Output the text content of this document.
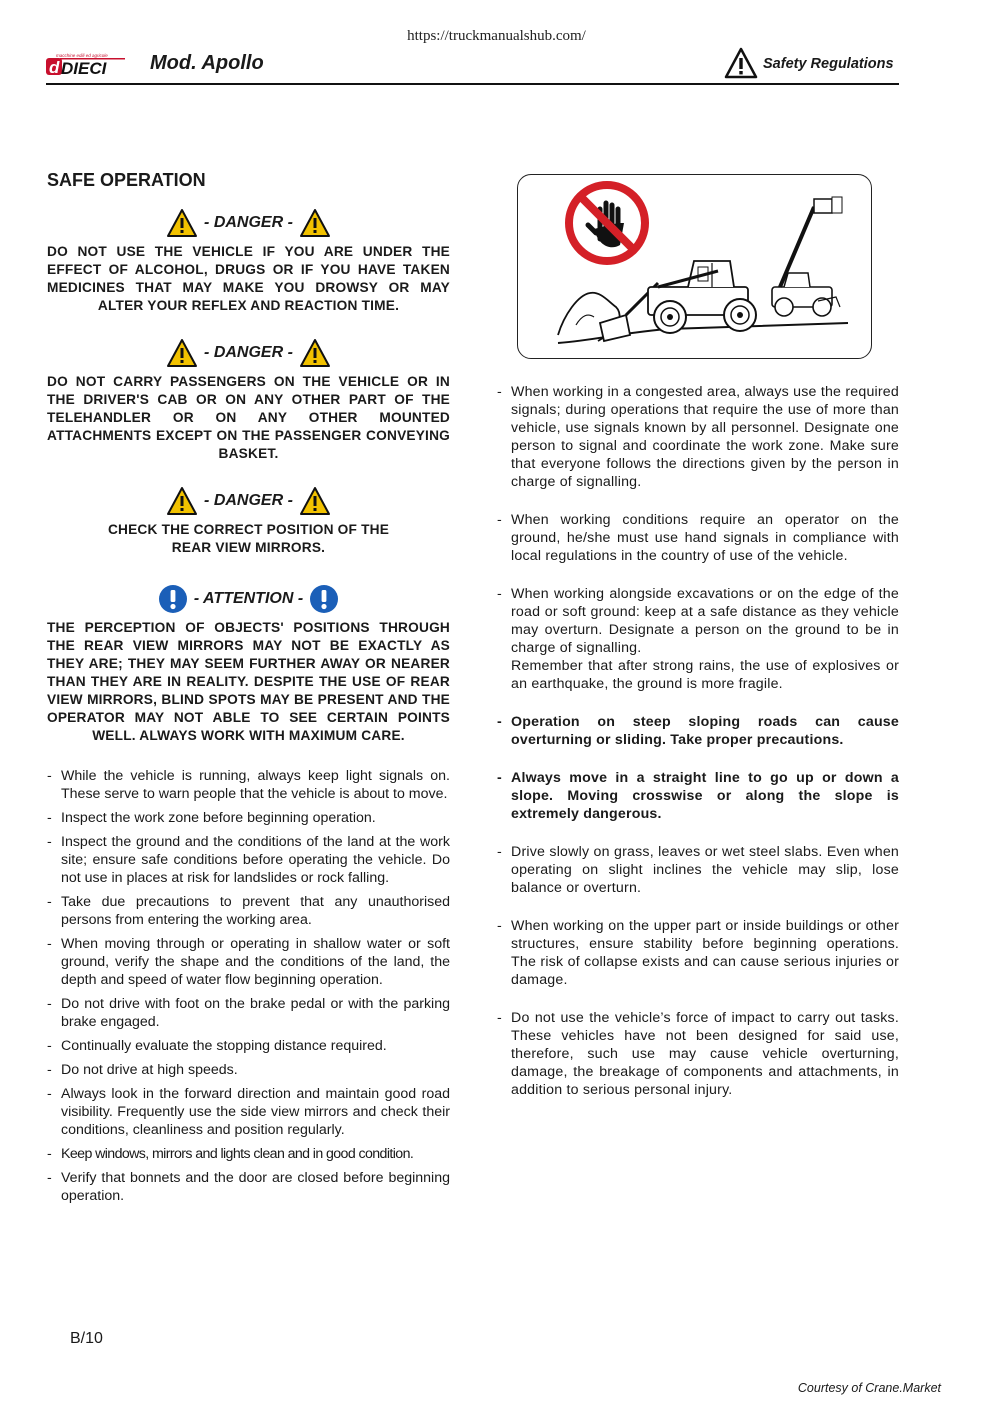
https://truckmanualshub.com/
macchine edili ed agricole
d DIECI Mod. Apollo	Safety Regulations
SAFE OPERATION
- DANGER -
DO NOT USE THE VEHICLE IF YOU ARE UNDER THE EFFECT OF ALCOHOL, DRUGS OR IF YOU HAVE TAKEN MEDICINES THAT MAY MAKE YOU DROWSY OR MAY ALTER YOUR REFLEX AND REACTION TIME.
- DANGER -
DO NOT CARRY PASSENGERS ON THE VEHICLE OR IN THE DRIVER'S CAB OR ON ANY OTHER PART OF THE TELEHANDLER OR ON ANY OTHER MOUNTED ATTACHMENTS EXCEPT ON THE PASSENGER CONVEYING BASKET.
- DANGER -
CHECK THE CORRECT POSITION OF THE REAR VIEW MIRRORS.
- ATTENTION -
THE PERCEPTION OF OBJECTS' POSITIONS THROUGH THE REAR VIEW MIRRORS MAY NOT BE EXACTLY AS THEY ARE; THEY MAY SEEM FURTHER AWAY OR NEARER THAN THEY ARE IN REALITY. DESPITE THE USE OF REAR VIEW MIRRORS, BLIND SPOTS MAY BE PRESENT AND THE OPERATOR MAY NOT ABLE TO SEE CERTAIN POINTS WELL. ALWAYS WORK WITH MAXIMUM CARE.
- While the vehicle is running, always keep light signals on. These serve to warn people that the vehicle is about to move.
- Inspect the work zone before beginning operation.
- Inspect the ground and the conditions of the land at the work site; ensure safe conditions before operating the vehicle. Do not use in places at risk for landslides or rock falling.
- Take due precautions to prevent that any unauthorised persons from entering the working area.
- When moving through or operating in shallow water or soft ground, verify the shape and the conditions of the land, the depth and speed of water flow beginning operation.
- Do not drive with foot on the brake pedal or with the parking brake engaged.
- Continually evaluate the stopping distance required.
- Do not drive at high speeds.
- Always look in the forward direction and maintain good road visibility. Frequently use the side view mirrors and check their conditions, cleanliness and position regularly.
- Keep windows, mirrors and lights clean and in good condition.
- Verify that bonnets and the door are closed before beginning operation.
- When working in a congested area, always use the required signals; during operations that require the use of more than vehicle, use signals known by all personnel. Designate one person to signal and coordinate the work zone. Make sure that everyone follows the directions given by the person in charge of signalling.
- When working conditions require an operator on the ground, he/she must use hand signals in compliance with local regulations in the country of use of the vehicle.
- When working alongside excavations or on the edge of the road or soft ground: keep at a safe distance as they vehicle may overturn. Designate a person on the ground to be in charge of signalling.
Remember that after strong rains, the use of explosives or an earthquake, the ground is more fragile.
- Operation on steep sloping roads can cause overturning or sliding. Take proper precautions.
- Always move in a straight line to go up or down a slope. Moving crosswise or along the slope is extremely dangerous.
- Drive slowly on grass, leaves or wet steel slabs. Even when operating on slight inclines the vehicle may slip, lose balance or overturn.
- When working on the upper part or inside buildings or other structures, ensure stability before beginning operations. The risk of collapse exists and can cause serious injuries or damage.
- Do not use the vehicle’s force of impact to carry out tasks. These vehicles have not been designed for said use, therefore, such use may cause vehicle overturning, damage, the breakage of components and attachments, in addition to serious personal injury.
B/10
Courtesy of Crane.Market
